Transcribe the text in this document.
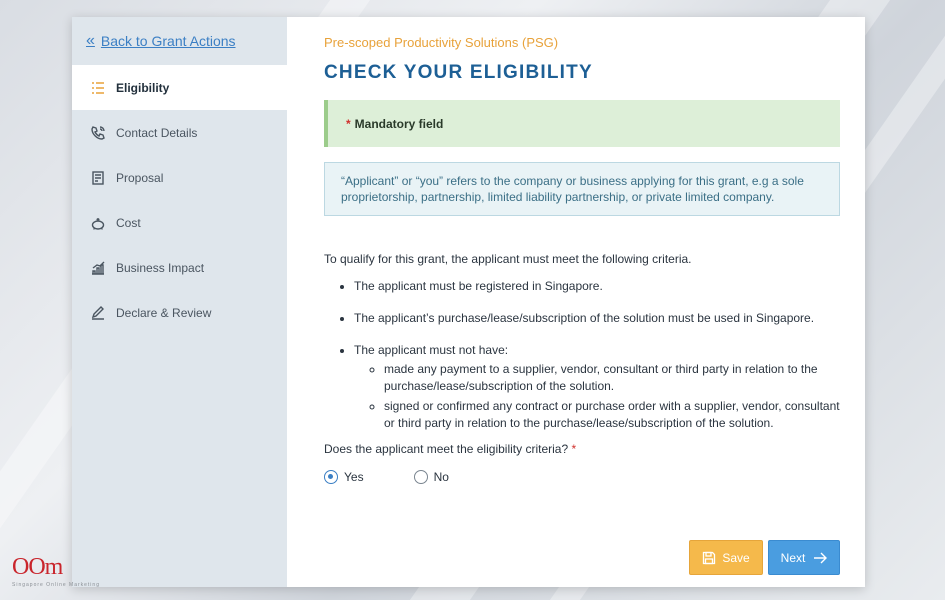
« Back to Grant Actions
Eligibility
Contact Details
Proposal
Cost
Business Impact
Declare & Review
Pre-scoped Productivity Solutions (PSG)
CHECK YOUR ELIGIBILITY
* Mandatory field
“Applicant” or “you” refers to the company or business applying for this grant, e.g a sole proprietorship, partnership, limited liability partnership, or private limited company.

To qualify for this grant, the applicant must meet the following criteria.

• The applicant must be registered in Singapore.
• The applicant’s purchase/lease/subscription of the solution must be used in Singapore.
• The applicant must not have:
◦ made any payment to a supplier, vendor, consultant or third party in relation to the purchase/lease/subscription of the solution.
◦ signed or confirmed any contract or purchase order with a supplier, vendor, consultant or third party in relation to the purchase/lease/subscription of the solution.

Does the applicant meet the eligibility criteria? *

Yes	No
Save	Next
OOm
Singapore Online Marketing
